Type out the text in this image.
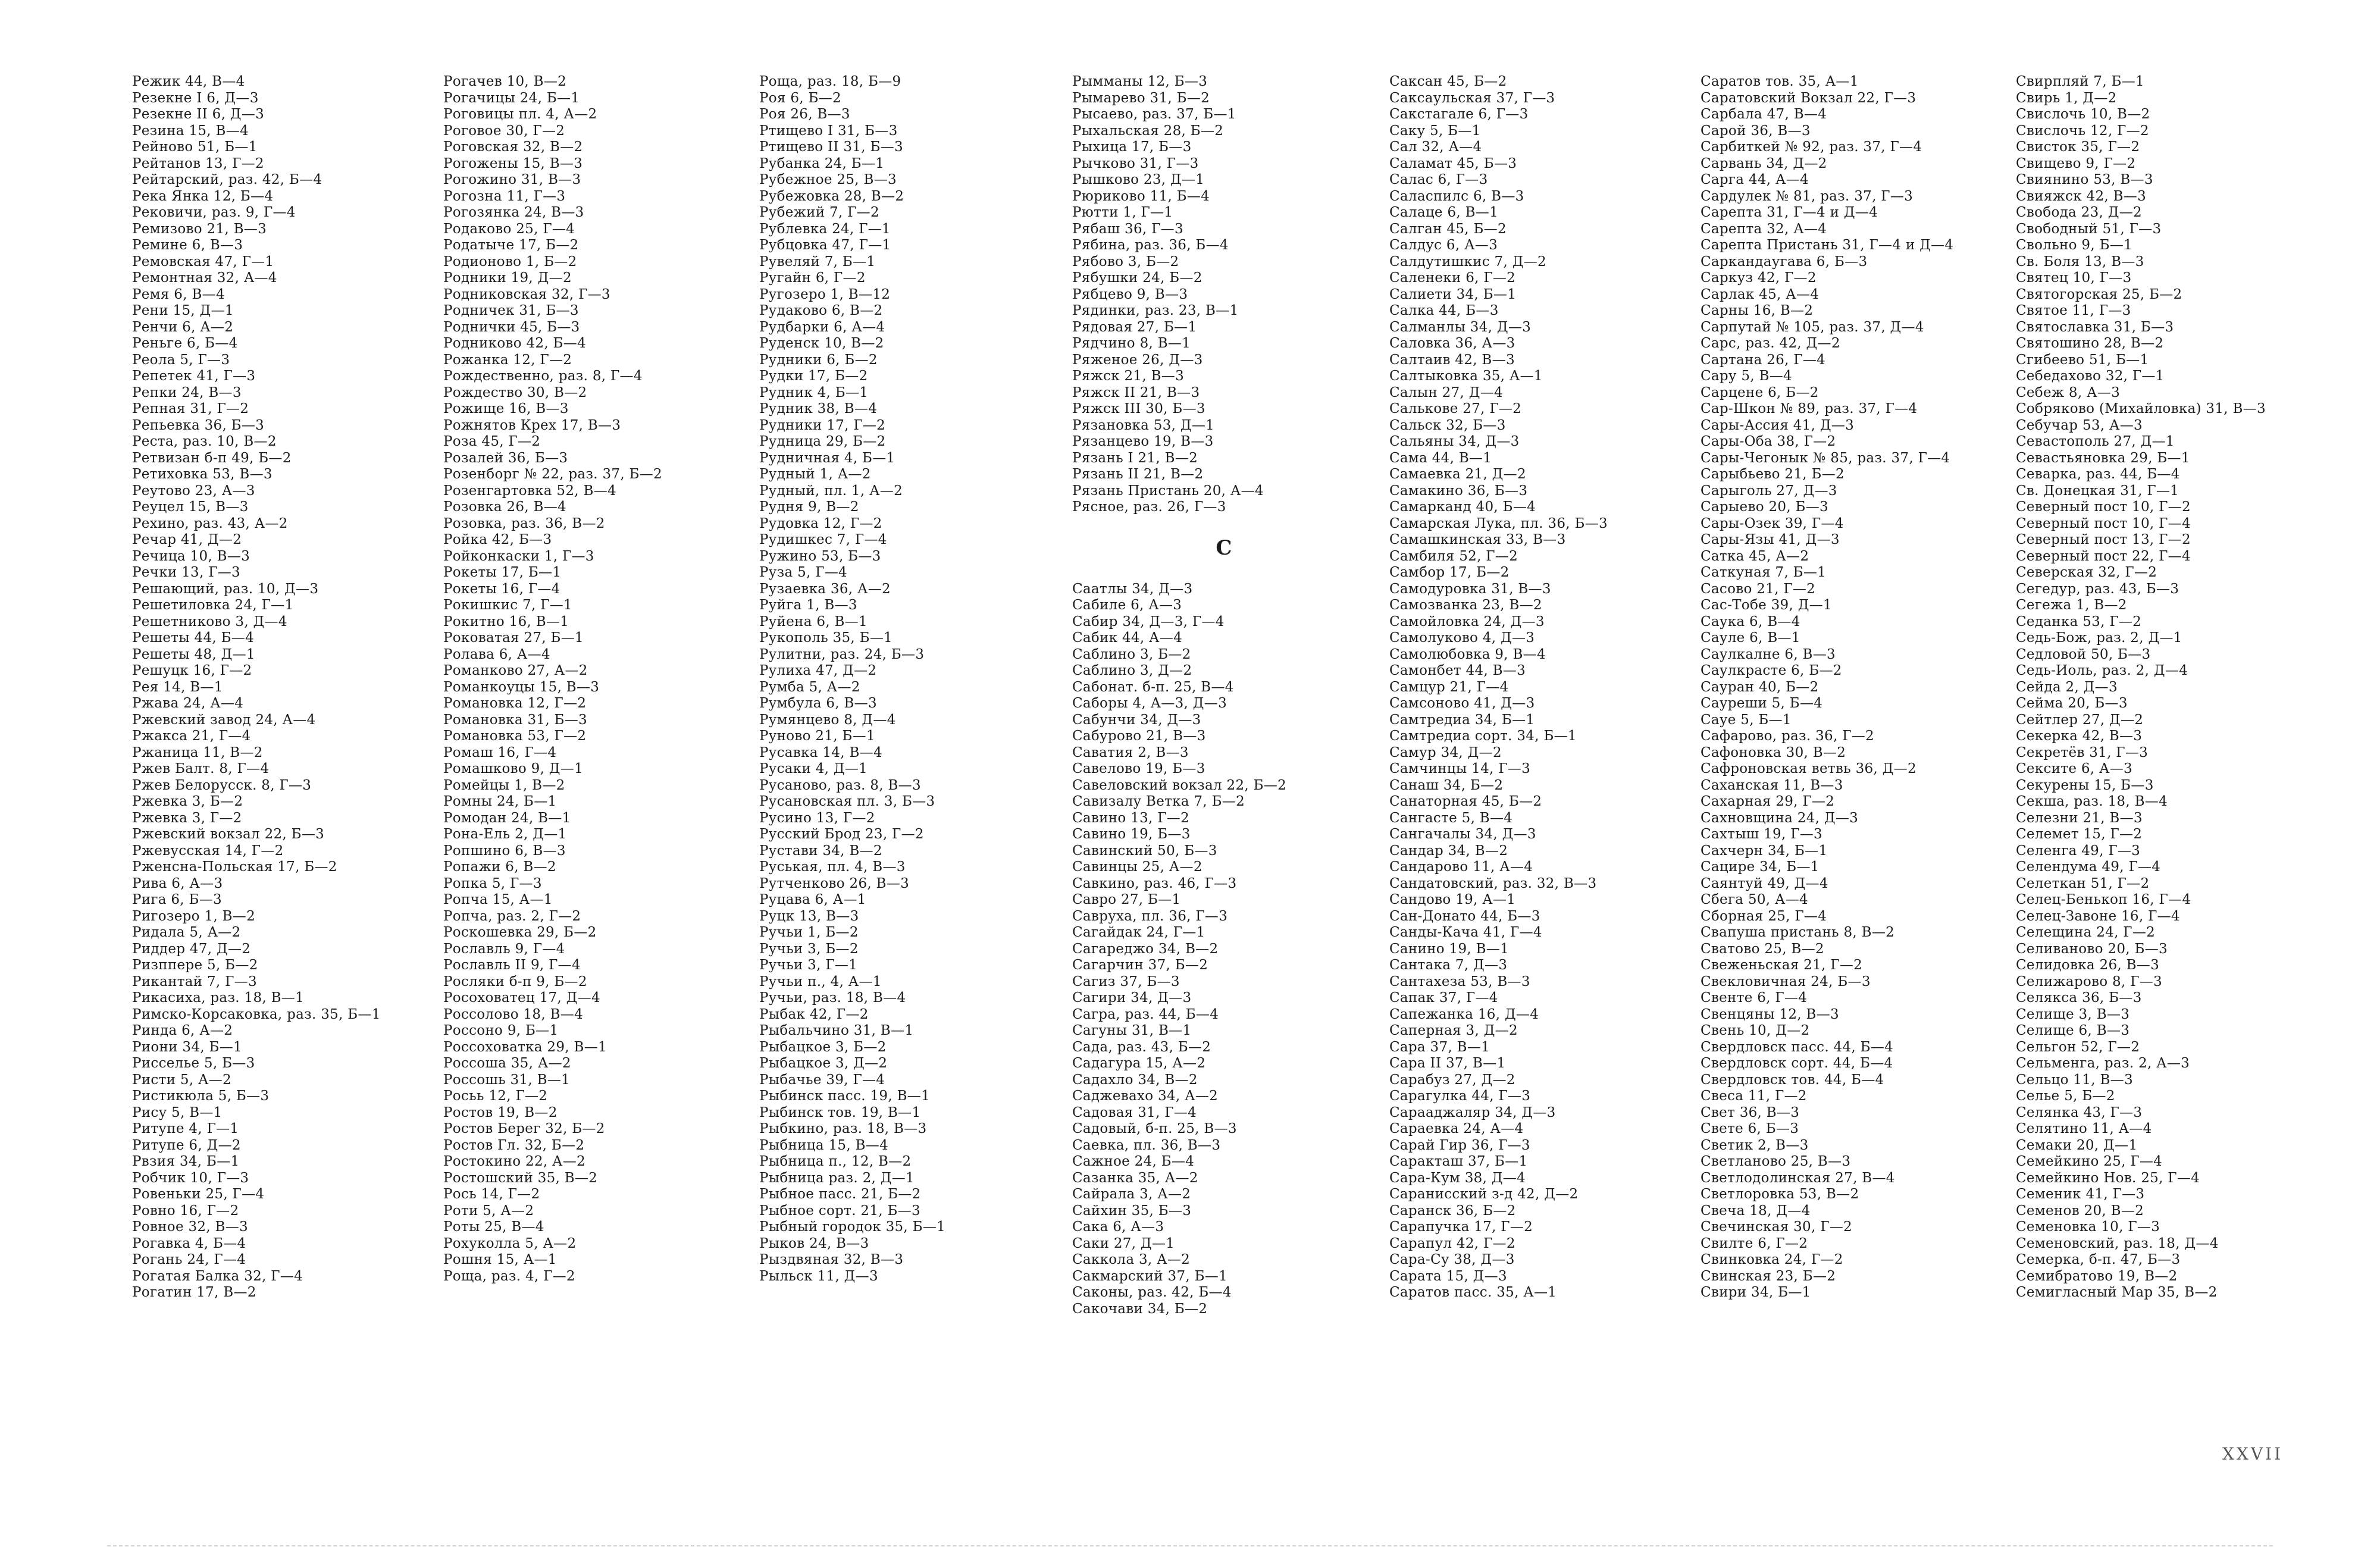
Режик 44, В—4
Резекне I 6, Д—3
Резекне II 6, Д—3
Резина 15, В—4
Рейново 51, Б—1
Рейтанов 13, Г—2
Рейтарский, раз. 42, Б—4
Река Янка 12, Б—4
Рековичи, раз. 9, Г—4
Ремизово 21, В—3
Ремине 6, В—3
Ремовская 47, Г—1
Ремонтная 32, А—4
Ремя 6, В—4
Рени 15, Д—1
Ренчи 6, А—2
Реньге 6, Б—4
Реола 5, Г—3
Репетек 41, Г—3
Репки 24, В—3
Репная 31, Г—2
Репьевка 36, Б—3
Реста, раз. 10, В—2
Ретвизан б-п 49, Б—2
Ретиховка 53, В—3
Реутово 23, А—3
Реуцел 15, В—3
Рехино, раз. 43, А—2
Речар 41, Д—2
Речица 10, В—3
Речки 13, Г—3
Решающий, раз. 10, Д—3
Решетиловка 24, Г—1
Решетниково 3, Д—4
Решеты 44, Б—4
Решеты 48, Д—1
Решуцк 16, Г—2
Рея 14, В—1
Ржава 24, А—4
Ржевский завод 24, А—4
Ржакса 21, Г—4
Ржаница 11, В—2
Ржев Балт. 8, Г—4
Ржев Белорусск. 8, Г—3
Ржевка 3, Б—2
Ржевка 3, Г—2
Ржевский вокзал 22, Б—3
Ржевусская 14, Г—2
Рженсна-Польская 17, Б—2
Рива 6, А—3
Рига 6, Б—3
Ригозеро 1, В—2
Ридала 5, А—2
Риддер 47, Д—2
Ризппере 5, Б—2
Рикантай 7, Г—3
Рикасиха, раз. 18, В—1
Римско-Корсаковка, раз. 35, Б—1
Ринда 6, А—2
Риони 34, Б—1
Риссельe 5, Б—3
Ристи 5, А—2
Ристикюла 5, Б—3
Рису 5, В—1
Ритупе 4, Г—1
Ритупе 6, Д—2
Рвзия 34, Б—1
Робчик 10, Г—3
Ровеньки 25, Г—4
Ровно 16, Г—2
Ровное 32, В—3
Рогавка 4, Б—4
Рогань 24, Г—4
Рогатая Балка 32, Г—4
Рогатин 17, В—2
Рогачев 10, В—2
Рогачицы 24, Б—1
Роговицы пл. 4, А—2
Роговое 30, Г—2
Роговская 32, В—2
Рогожены 15, В—3
Рогожино 31, В—3
Рогозна 11, Г—3
Рогозянка 24, В—3
Родаково 25, Г—4
Родатыче 17, Б—2
Родионово 1, Б—2
Родники 19, Д—2
Родниковская 32, Г—3
Родничек 31, Б—3
Роднички 45, Б—3
Родниково 42, Б—4
Рожанка 12, Г—2
Рождественно, раз. 8, Г—4
Рождество 30, В—2
Рожище 16, В—3
Рожнятов Крех 17, В—3
Роза 45, Г—2
Розалей 36, Б—3
Розенборг № 22, раз. 37, Б—2
Розенгартовка 52, В—4
Розовка 26, В—4
Розовка, раз. 36, В—2
Ройка 42, Б—3
Ройконкаски 1, Г—3
Рокеты 17, Б—1
Рокеты 16, Г—4
Рокишкис 7, Г—1
Рокитно 16, В—1
Роковатая 27, Б—1
Ролава 6, А—4
Романково 27, А—2
Романкоуцы 15, В—3
Романовка 12, Г—2
Романовка 31, Б—3
Романовка 53, Г—2
Ромаш 16, Г—4
Ромашково 9, Д—1
Ромейцы 1, В—2
Ромны 24, Б—1
Ромодан 24, В—1
Рона-Ель 2, Д—1
Ропшино 6, В—3
Ропажи 6, В—2
Ропка 5, Г—3
Ропча 15, А—1
Ропча, раз. 2, Г—2
Роскошевка 29, Б—2
Рославль 9, Г—4
Рославль II 9, Г—4
Росляки б-п 9, Б—2
Росоховатец 17, Д—4
Россолово 18, В—4
Россоно 9, Б—1
Россоховатка 29, В—1
Россоша 35, А—2
Россошь 31, В—1
Росьь 12, Г—2
Ростов 19, В—2
Ростов Берег 32, Б—2
Ростов Гл. 32, Б—2
Ростокино 22, А—2
Ростошский 35, В—2
Рось 14, Г—2
Роти 5, А—2
Роты 25, В—4
Рохуколла 5, А—2
Рошня 15, А—1
Роща, раз. 4, Г—2
Роща, раз. 18, Б—9
Роя 6, Б—2
Роя 26, В—3
Ртищево I 31, Б—3
Ртищево II 31, Б—3
Рубанка 24, Б—1
Рубежное 25, В—3
Рубежовка 28, В—2
Рубежий 7, Г—2
Рублевка 24, Г—1
Рубцовка 47, Г—1
Рувеляй 7, Б—1
Ругайн 6, Г—2
Ругозеро 1, В—12
Рудаково 6, В—2
Рудбарки 6, А—4
Руденск 10, В—2
Рудники 6, Б—2
Рудки 17, Б—2
Рудник 4, Б—1
Рудник 38, В—4
Рудники 17, Г—2
Рудница 29, Б—2
Рудничная 4, Б—1
Рудный 1, А—2
Рудный, пл. 1, А—2
Рудня 9, В—2
Рудовка 12, Г—2
Рудишкес 7, Г—4
Ружино 53, Б—3
Руза 5, Г—4
Рузаевка 36, А—2
Руйга 1, В—3
Руйена 6, В—1
Рукополь 35, Б—1
Рулитни, раз. 24, Б—3
Рулиха 47, Д—2
Румба 5, А—2
Румбула 6, В—3
Румянцево 8, Д—4
Руново 21, Б—1
Русавка 14, В—4
Русаки 4, Д—1
Русаново, раз. 8, В—3
Русановская пл. 3, Б—3
Русино 13, Г—2
Русский Брод 23, Г—2
Рустави 34, В—2
Руськая, пл. 4, В—3
Рутченково 26, В—3
Руцава 6, А—1
Руцк 13, В—3
Ручьи 1, Б—2
Ручьи 3, Б—2
Ручьи 3, Г—1
Ручьи п., 4, А—1
Ручьи, раз. 18, В—4
Рыбак 42, Г—2
Рыбальчино 31, В—1
Рыбацкое 3, Б—2
Рыбацкое 3, Д—2
Рыбачье 39, Г—4
Рыбинск пасс. 19, В—1
Рыбинск тов. 19, В—1
Рыбкино, раз. 18, В—3
Рыбница 15, В—4
Рыбница п., 12, В—2
Рыбница раз. 2, Д—1
Рыбное пасс. 21, Б—2
Рыбное сорт. 21, Б—3
Рыбный городок 35, Б—1
Рыков 24, В—3
Рыздвяная 32, В—3
Рыльск 11, Д—3
Рымманы 12, Б—3
Рымарево 31, Б—2
Рысаево, раз. 37, Б—1
Рыхальская 28, Б—2
Рыхица 17, Б—3
Рычково 31, Г—3
Рышково 23, Д—1
Рюриково 11, Б—4
Рютти 1, Г—1
Рябаш 36, Г—3
Рябина, раз. 36, Б—4
Рябово 3, Б—2
Рябушки 24, Б—2
Рябцево 9, В—3
Рядинки, раз. 23, В—1
Рядовая 27, Б—1
Рядчино 8, В—1
Ряженое 26, Д—3
Ряжск 21, В—3
Ряжск II 21, В—3
Ряжск III 30, Б—3
Рязановка 53, Д—1
Рязанцево 19, В—3
Рязань I 21, В—2
Рязань II 21, В—2
Рязань Пристань 20, А—4
Рясное, раз. 26, Г—3
С
Саатлы 34, Д—3
Сабиле 6, А—3
Сабир 34, Д—3, Г—4
Сабик 44, А—4
Саблино 3, Б—2
Саблино 3, Д—2
Сабонат. б-п. 25, В—4
Саборы 4, А—3, Д—3
Сабунчи 34, Д—3
Сабурово 21, В—3
Саватия 2, В—3
Савелово 19, Б—3
Савеловский вокзал 22, Б—2
Савизалу Ветка 7, Б—2
Савино 13, Г—2
Савино 19, Б—3
Савинский 50, Б—3
Савинцы 25, А—2
Савкино, раз. 46, Г—3
Савро 27, Б—1
Савруха, пл. 36, Г—3
Сагайдак 24, Г—1
Сагареджо 34, В—2
Сагарчин 37, Б—2
Сагиз 37, Б—3
Сагири 34, Д—3
Сагра, раз. 44, Б—4
Сагуны 31, В—1
Сада, раз. 43, Б—2
Садагура 15, А—2
Садахло 34, В—2
Саджевахо 34, А—2
Садовая 31, Г—4
Садовый, б-п. 25, В—3
Саевка, пл. 36, В—3
Сажное 24, Б—4
Сазанка 35, А—2
Сайрала 3, А—2
Сайхин 35, Б—3
Сака 6, А—3
Саки 27, Д—1
Сакколa 3, А—2
Сакмарский 37, Б—1
Саконы, раз. 42, Б—4
Сакочави 34, Б—2
Саксан 45, Б—2
Саксаульская 37, Г—3
Сакстагале 6, Г—3
Саку 5, Б—1
Сал 32, А—4
Саламат 45, Б—3
Салас 6, Г—3
Саласпилс 6, В—3
Салаце 6, В—1
Салган 45, Б—2
Салдус 6, А—3
Салдутишкис 7, Д—2
Саленеки 6, Г—2
Салиети 34, Б—1
Салка 44, Б—3
Салманлы 34, Д—3
Саловка 36, А—3
Салтаив 42, В—3
Салтыковка 35, А—1
Салын 27, Д—4
Салькове 27, Г—2
Сальск 32, Б—3
Сальяны 34, Д—3
Сама 44, В—1
Самаевка 21, Д—2
Самакино 36, Б—3
Самарканд 40, Б—4
Самарская Лука, пл. 36, Б—3
Самашкинская 33, В—3
Самбиля 52, Г—2
Самбор 17, Б—2
Самодуровка 31, В—3
Самозванка 23, В—2
Самойловка 24, Д—3
Самолуково 4, Д—3
Самолюбовка 9, В—4
Самонбет 44, В—3
Самцур 21, Г—4
Самсоново 41, Д—3
Самтредиа 34, Б—1
Самтредиа сорт. 34, Б—1
Самур 34, Д—2
Самчинцы 14, Г—3
Санаш 34, Б—2
Санаторная 45, Б—2
Сангасте 5, В—4
Сангачалы 34, Д—3
Сандар 34, В—2
Сандарово 11, А—4
Сандатовский, раз. 32, В—3
Сандово 19, А—1
Сан-Донато 44, Б—3
Санды-Кача 41, Г—4
Санино 19, В—1
Сантака 7, Д—3
Сантахеза 53, В—3
Сапак 37, Г—4
Сапежанка 16, Д—4
Саперная 3, Д—2
Сара 37, В—1
Сара II 37, В—1
Сарабуз 27, Д—2
Сарагулка 44, Г—3
Сарааджаляр 34, Д—3
Сараевка 24, А—4
Сарай Гир 36, Г—3
Саракташ 37, Б—1
Сара-Кум 38, Д—4
Саранисский з-д 42, Д—2
Саранск 36, Б—2
Сарапучка 17, Г—2
Сарапул 42, Г—2
Сара-Су 38, Д—3
Сарата 15, Д—3
Саратов пасс. 35, А—1
Саратов тов. 35, А—1
Саратовский Вокзал 22, Г—3
Сарбала 47, В—4
Сарой 36, В—3
Сарбиткей № 92, раз. 37, Г—4
Сарвань 34, Д—2
Сарга 44, А—4
Сардулек № 81, раз. 37, Г—3
Сарепта 31, Г—4 и Д—4
Сарепта 32, А—4
Сарепта Пристань 31, Г—4 и Д—4
Саркандаугава 6, Б—3
Саркуз 42, Г—2
Сарлак 45, А—4
Сарны 16, В—2
Сарпутай № 105, раз. 37, Д—4
Сарс, раз. 42, Д—2
Сартана 26, Г—4
Сару 5, В—4
Сарцене 6, Б—2
Сар-Шкон № 89, раз. 37, Г—4
Сары-Ассия 41, Д—3
Сары-Оба 38, Г—2
Сары-Чегонык № 85, раз. 37, Г—4
Сарыбьево 21, Б—2
Сарыголь 27, Д—3
Сарыево 20, Б—3
Сары-Озек 39, Г—4
Сары-Язы 41, Д—3
Сатка 45, А—2
Саткуная 7, Б—1
Сасово 21, Г—2
Сас-Тобе 39, Д—1
Саука 6, В—4
Сауле 6, В—1
Саулкалне 6, В—3
Саулкрасте 6, Б—2
Сауран 40, Б—2
Сауреши 5, Б—4
Сауе 5, Б—1
Сафарово, раз. 36, Г—2
Сафоновка 30, В—2
Сафроновская ветвь 36, Д—2
Саханская 11, В—3
Сахарная 29, Г—2
Сахновщина 24, Д—3
Сахтыш 19, Г—3
Сахчерн 34, Б—1
Сацире 34, Б—1
Саянтуй 49, Д—4
Сбега 50, А—4
Сборная 25, Г—4
Свапуша пристань 8, В—2
Сватово 25, В—2
Свеженьская 21, Г—2
Свекловичная 24, Б—3
Свенте 6, Г—4
Свенцяны 12, В—3
Свень 10, Д—2
Свердловск пасс. 44, Б—4
Свердловск сорт. 44, Б—4
Свердловск тов. 44, Б—4
Свеса 11, Г—2
Свет 36, В—3
Свете 6, Б—3
Светик 2, В—3
Светланово 25, В—3
Светлодолинская 27, В—4
Светлоровка 53, В—2
Свеча 18, Д—4
Свечинская 30, Г—2
Свилте 6, Г—2
Свинковка 24, Г—2
Свинская 23, Б—2
Свири 34, Б—1
Свирпляй 7, Б—1
Свирь 1, Д—2
Свислочь 10, В—2
Свислочь 12, Г—2
Свисток 35, Г—2
Свищево 9, Г—2
Свиянино 53, В—3
Свияжск 42, В—3
Свобода 23, Д—2
Свободный 51, Г—3
Свольно 9, Б—1
Св. Боля 13, В—3
Святец 10, Г—3
Святогорская 25, Б—2
Святое 11, Г—3
Святославка 31, Б—3
Святошино 28, В—2
Сгибеево 51, Б—1
Себедахово 32, Г—1
Себеж 8, А—3
Собряково (Михайловка) 31, В—3
Себучар 53, А—3
Севастополь 27, Д—1
Севастьяновка 29, Б—1
Севарка, раз. 44, Б—4
Св. Донецкая 31, Г—1
Северный пост 10, Г—2
Северный пост 10, Г—4
Северный пост 13, Г—2
Северный пост 22, Г—4
Северская 32, Г—2
Сегедур, раз. 43, Б—3
Сегежа 1, В—2
Седанка 53, Г—2
Седь-Бож, раз. 2, Д—1
Седловой 50, Б—3
Седь-Иоль, раз. 2, Д—4
Сейда 2, Д—3
Сейма 20, Б—3
Сейтлер 27, Д—2
Секерка 42, В—3
Секретёв 31, Г—3
Сексите 6, А—3
Секурены 15, Б—3
Секша, раз. 18, В—4
Селезни 21, В—3
Селемет 15, Г—2
Селенга 49, Г—3
Селендума 49, Г—4
Селеткан 51, Г—2
Селец-Бенькоп 16, Г—4
Селец-Завоне 16, Г—4
Селещина 24, Г—2
Селиваново 20, Б—3
Селидовка 26, В—3
Селижарово 8, Г—3
Селякса 36, Б—3
Селище 3, В—3
Селище 6, В—3
Сельгон 52, Г—2
Сельменга, раз. 2, А—3
Сельцо 11, В—3
Селье 5, Б—2
Селянка 43, Г—3
Селятино 11, А—4
Семаки 20, Д—1
Семейкино 25, Г—4
Семейкино Нов. 25, Г—4
Семеник 41, Г—3
Семенов 20, В—2
Семеновка 10, Г—3
Семеновский, раз. 18, Д—4
Семерка, б-п. 47, Б—3
Семибратово 19, В—2
Семигласный Мар 35, В—2
XXVII
